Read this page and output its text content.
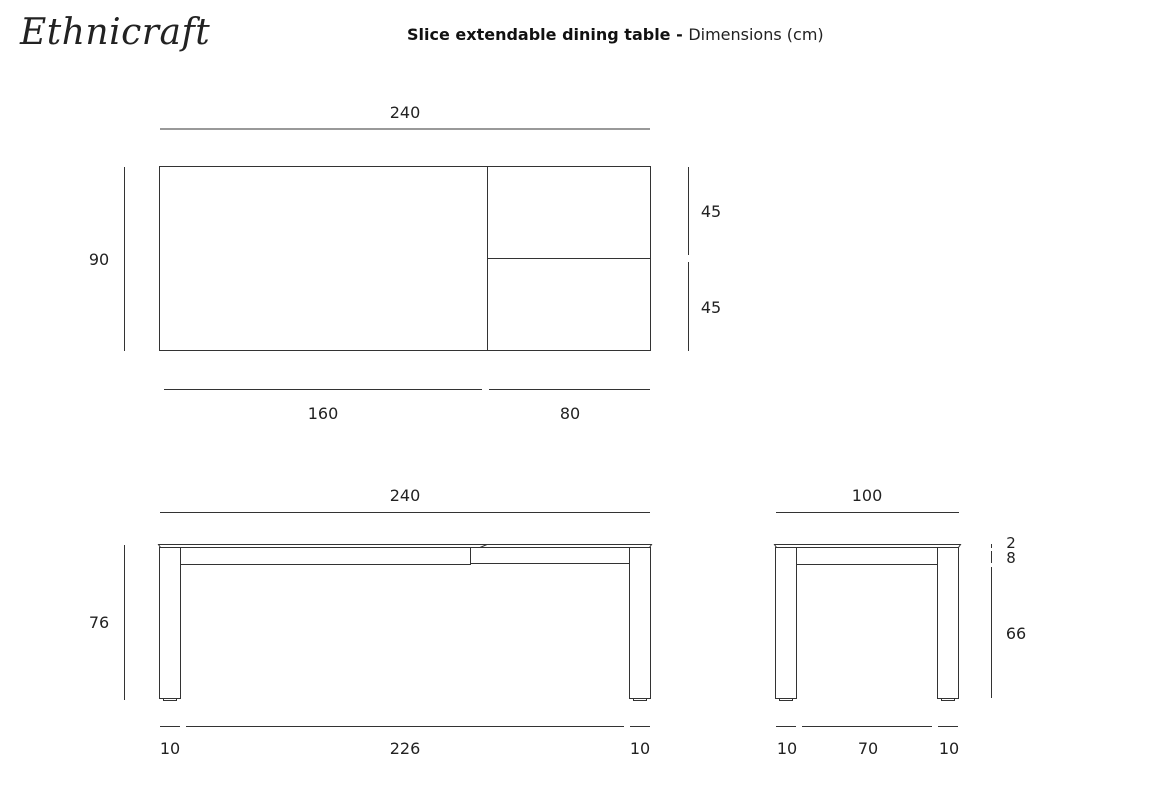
Ethnicraft	Slice extendable dining table - Dimensions (cm)
240
90
45
45
160	80
240
76
10	226	10
100
2
8
66
10	70	10
